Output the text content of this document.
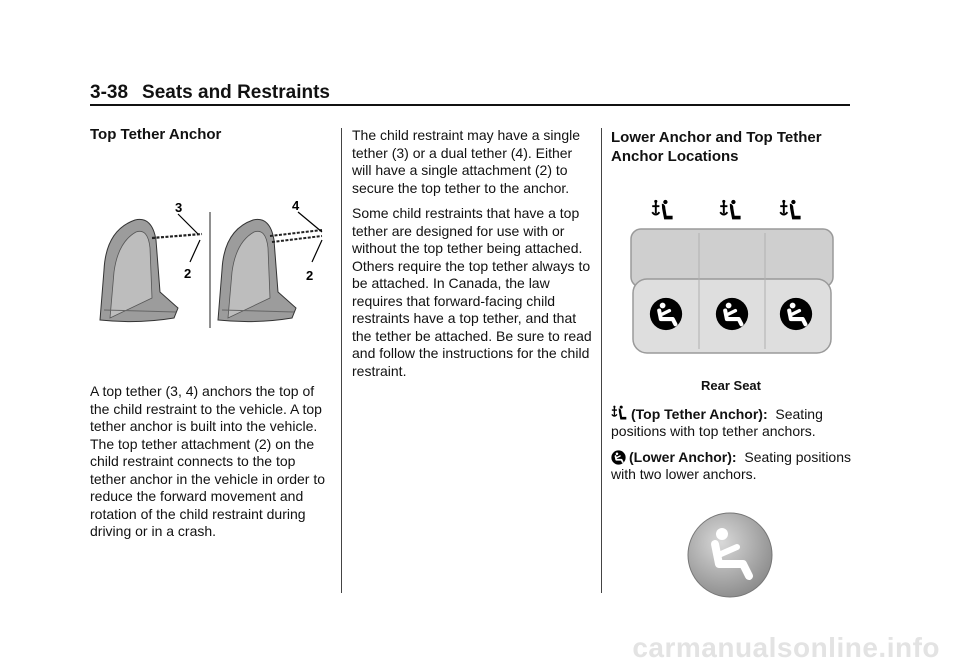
3-38 Seats and Restraints
Top Tether Anchor
3
2
4
2

A top tether (3, 4) anchors the top of the child restraint to the vehicle. A top tether anchor is built into the vehicle. The top tether attachment (2) on the child restraint connects to the top tether anchor in the vehicle in order to reduce the forward movement and rotation of the child restraint during driving or in a crash.

The child restraint may have a single tether (3) or a dual tether (4). Either will have a single attachment (2) to secure the top tether to the anchor.

Some child restraints that have a top tether are designed for use with or without the top tether being attached. Others require the top tether always to be attached. In Canada, the law requires that forward-facing child restraints have a top tether, and that the tether be attached. Be sure to read and follow the instructions for the child restraint.

Lower Anchor and Top Tether Anchor Locations
Rear Seat

(Top Tether Anchor): Seating positions with top tether anchors.

(Lower Anchor): Seating positions with two lower anchors.

carmanualsonline.info
